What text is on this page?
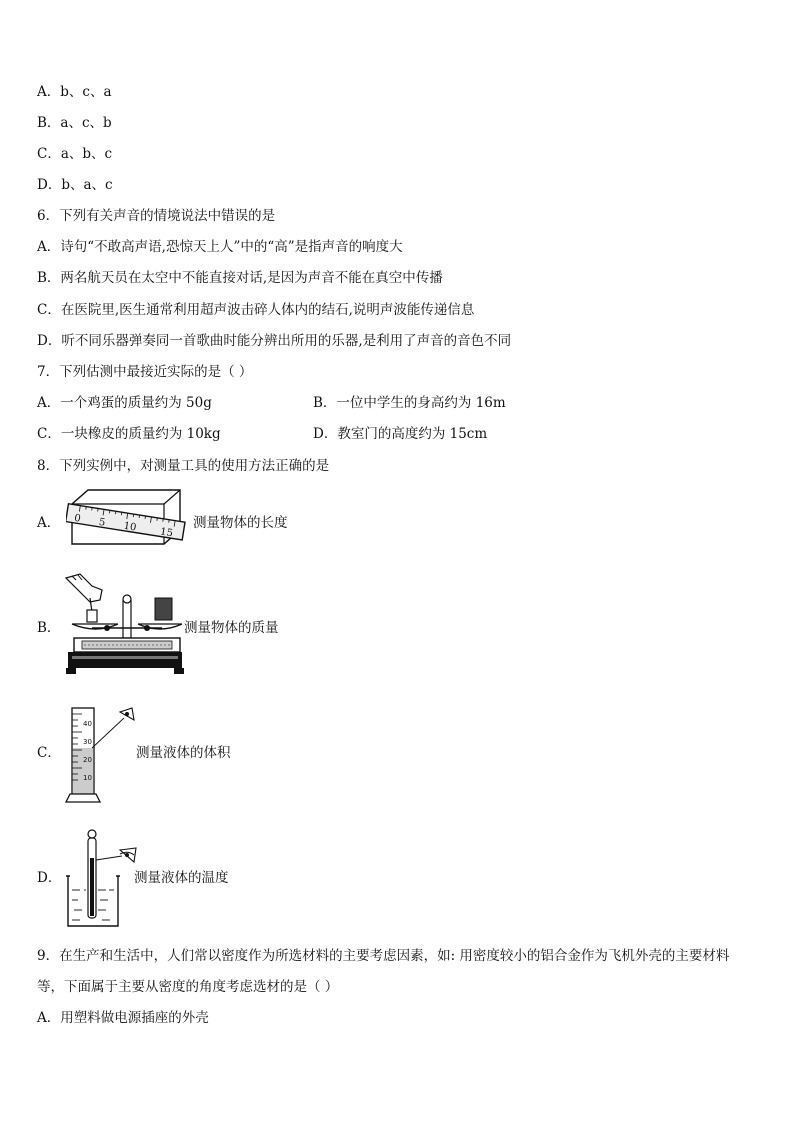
A．b、c、a
B．a、c、b
C．a、b、c
D．b、a、c
6．下列有关声音的情境说法中错误的是
A．诗句“不敢高声语,恐惊天上人”中的“高”是指声音的响度大
B．两名航天员在太空中不能直接对话,是因为声音不能在真空中传播
C．在医院里,医生通常利用超声波击碎人体内的结石,说明声波能传递信息
D．听不同乐器弹奏同一首歌曲时能分辨出所用的乐器,是利用了声音的音色不同
7．下列估测中最接近实际的是（ ）
A．一个鸡蛋的质量约为 50g	B．一位中学生的身高约为 16m
C．一块橡皮的质量约为 10kg	D．教室门的高度约为 15cm
8．下列实例中，对测量工具的使用方法正确的是
A． 0 5 10 15
测量物体的长度
B．	测量物体的质量
C．
40
30
20
10
测量液体的体积
D．	测量液体的温度
9．在生产和生活中，人们常以密度作为所选材料的主要考虑因素，如: 用密度较小的铝合金作为飞机外壳的主要材料
等，下面属于主要从密度的角度考虑选材的是（ ）
A．用塑料做电源插座的外壳
